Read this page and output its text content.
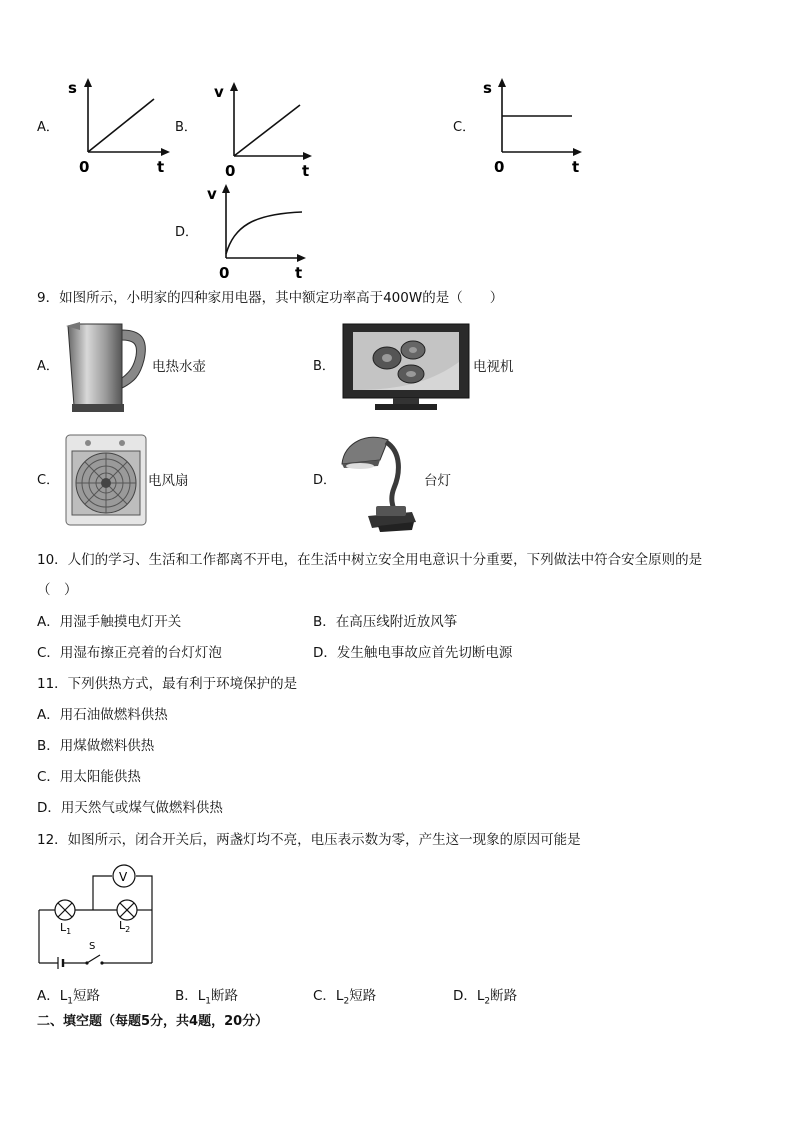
A．
s
0	t
B．
v
0	t
C．
s
0	t
D．
v
0	t
9．如图所示，小明家的四种家用电器，其中额定功率高于400W的是（　　）
A．	电热水壶	B．	电视机
C．	电风扇	D．	台灯
10．人们的学习、生活和工作都离不开电，在生活中树立安全用电意识十分重要，下列做法中符合安全原则的是
（　）
A．用湿手触摸电灯开关	B．在高压线附近放风筝
C．用湿布擦正亮着的台灯灯泡	D．发生触电事故应首先切断电源
11．下列供热方式，最有利于环境保护的是
A．用石油做燃料供热
B．用煤做燃料供热
C．用太阳能供热
D．用天然气或煤气做燃料供热
12．如图所示，闭合开关后，两盏灯均不亮，电压表示数为零，产生这一现象的原因可能是
V
$L_1$	$L_2$
S
A．$L_1$短路	B．$L_1$断路	C．$L_2$短路	D．$L_2$断路
二、填空题（每题5分，共4题，20分）
